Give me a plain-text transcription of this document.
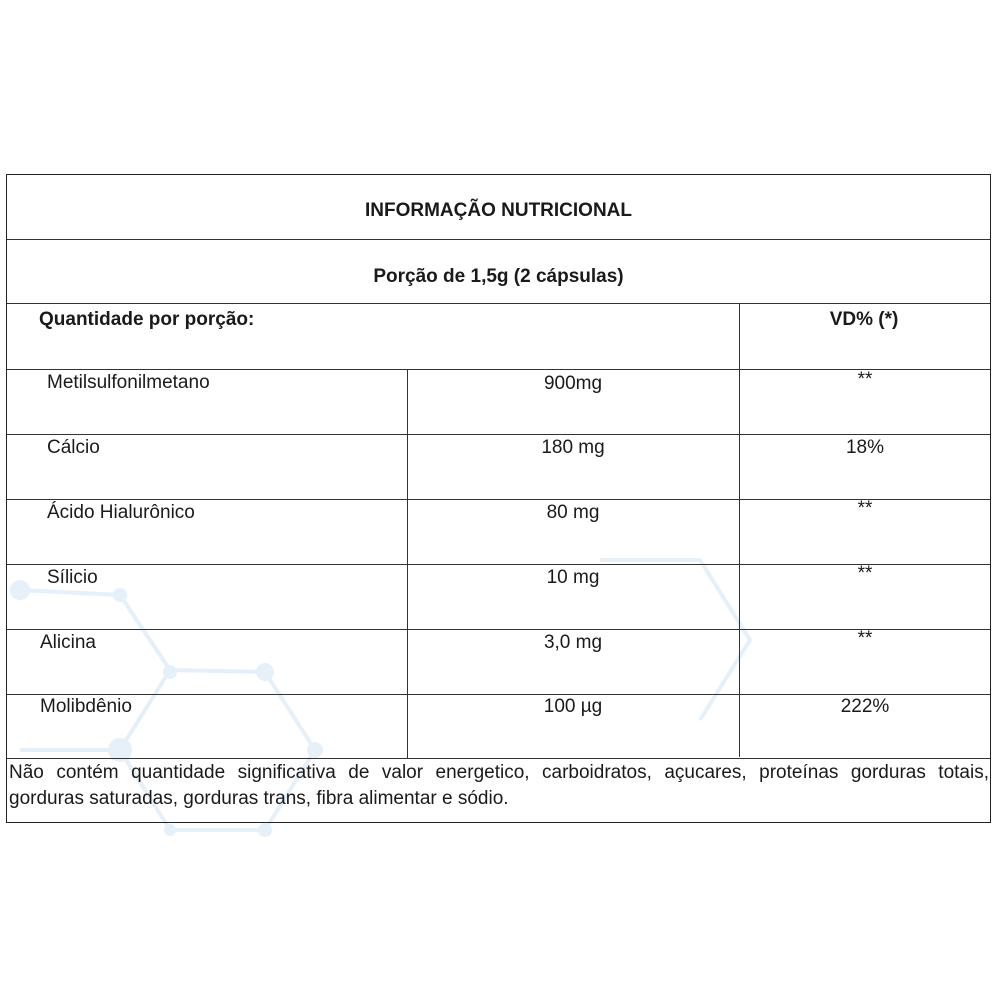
INFORMAÇÃO NUTRICIONAL
Porção de 1,5g (2 cápsulas)
Quantidade por porção:	VD% (*)
Metilsulfonilmetano	900mg	**
Cálcio	180 mg	18%
Ácido Hialurônico	80 mg	**
Sílicio	10 mg	**
Alicina	3,0 mg	**
Molibdênio	100 µg	222%
Não contém quantidade significativa de valor energetico, carboidratos, açucares, proteínas gorduras totais, gorduras saturadas, gorduras trans, fibra alimentar e sódio.
